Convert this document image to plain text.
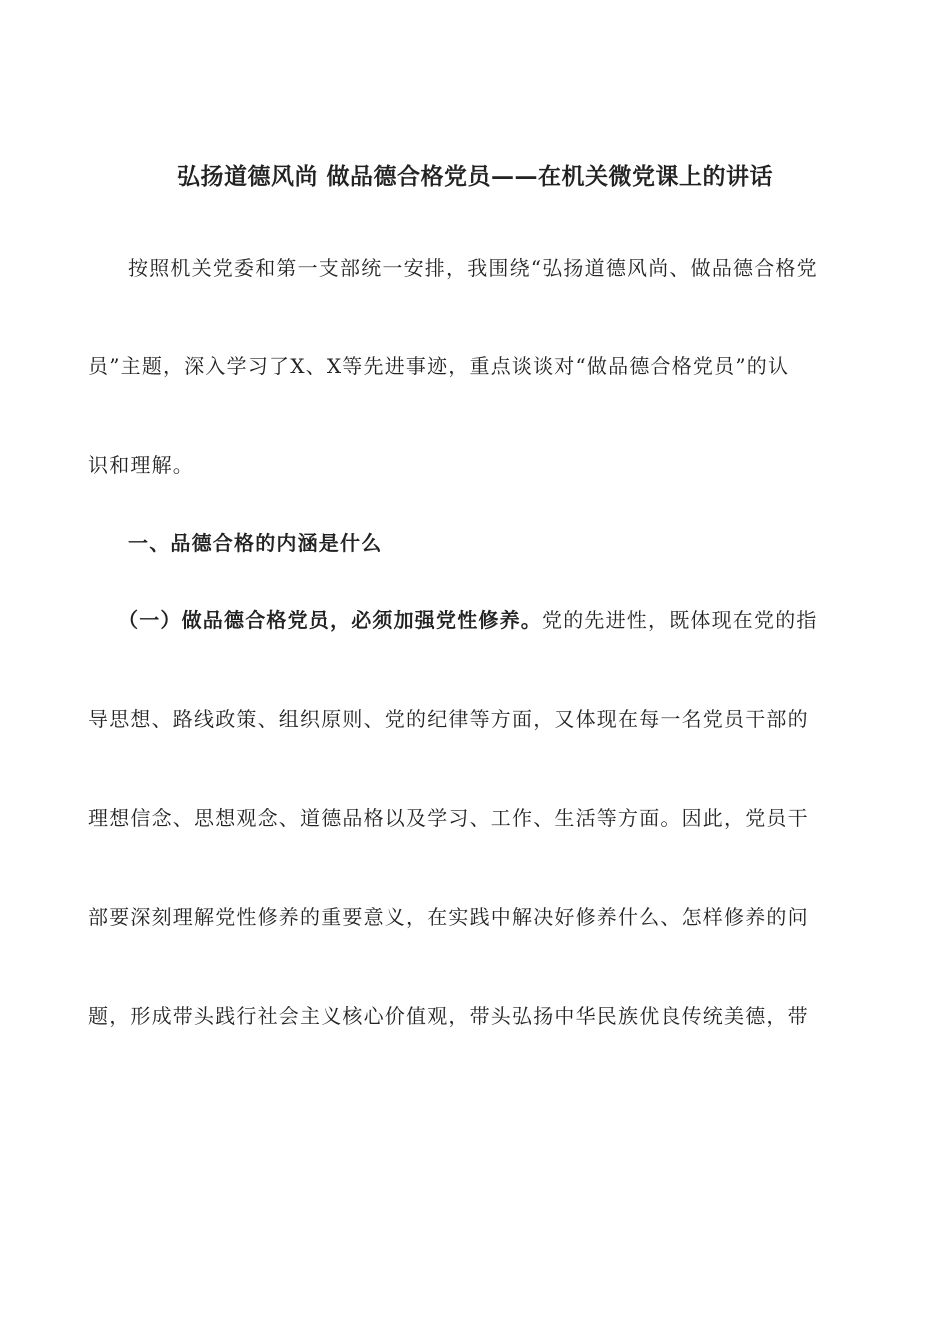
弘扬道德风尚 做品德合格党员——在机关微党课上的讲话
按照机关党委和第一支部统一安排，我围绕“弘扬道德风尚、做品德合格党
员”主题，深入学习了X、X等先进事迹，重点谈谈对“做品德合格党员”的认
识和理解。
一、品德合格的内涵是什么
（一）做品德合格党员，必须加强党性修养。党的先进性，既体现在党的指
导思想、路线政策、组织原则、党的纪律等方面，又体现在每一名党员干部的
理想信念、思想观念、道德品格以及学习、工作、生活等方面。因此，党员干
部要深刻理解党性修养的重要意义，在实践中解决好修养什么、怎样修养的问
题，形成带头践行社会主义核心价值观，带头弘扬中华民族优良传统美德，带
